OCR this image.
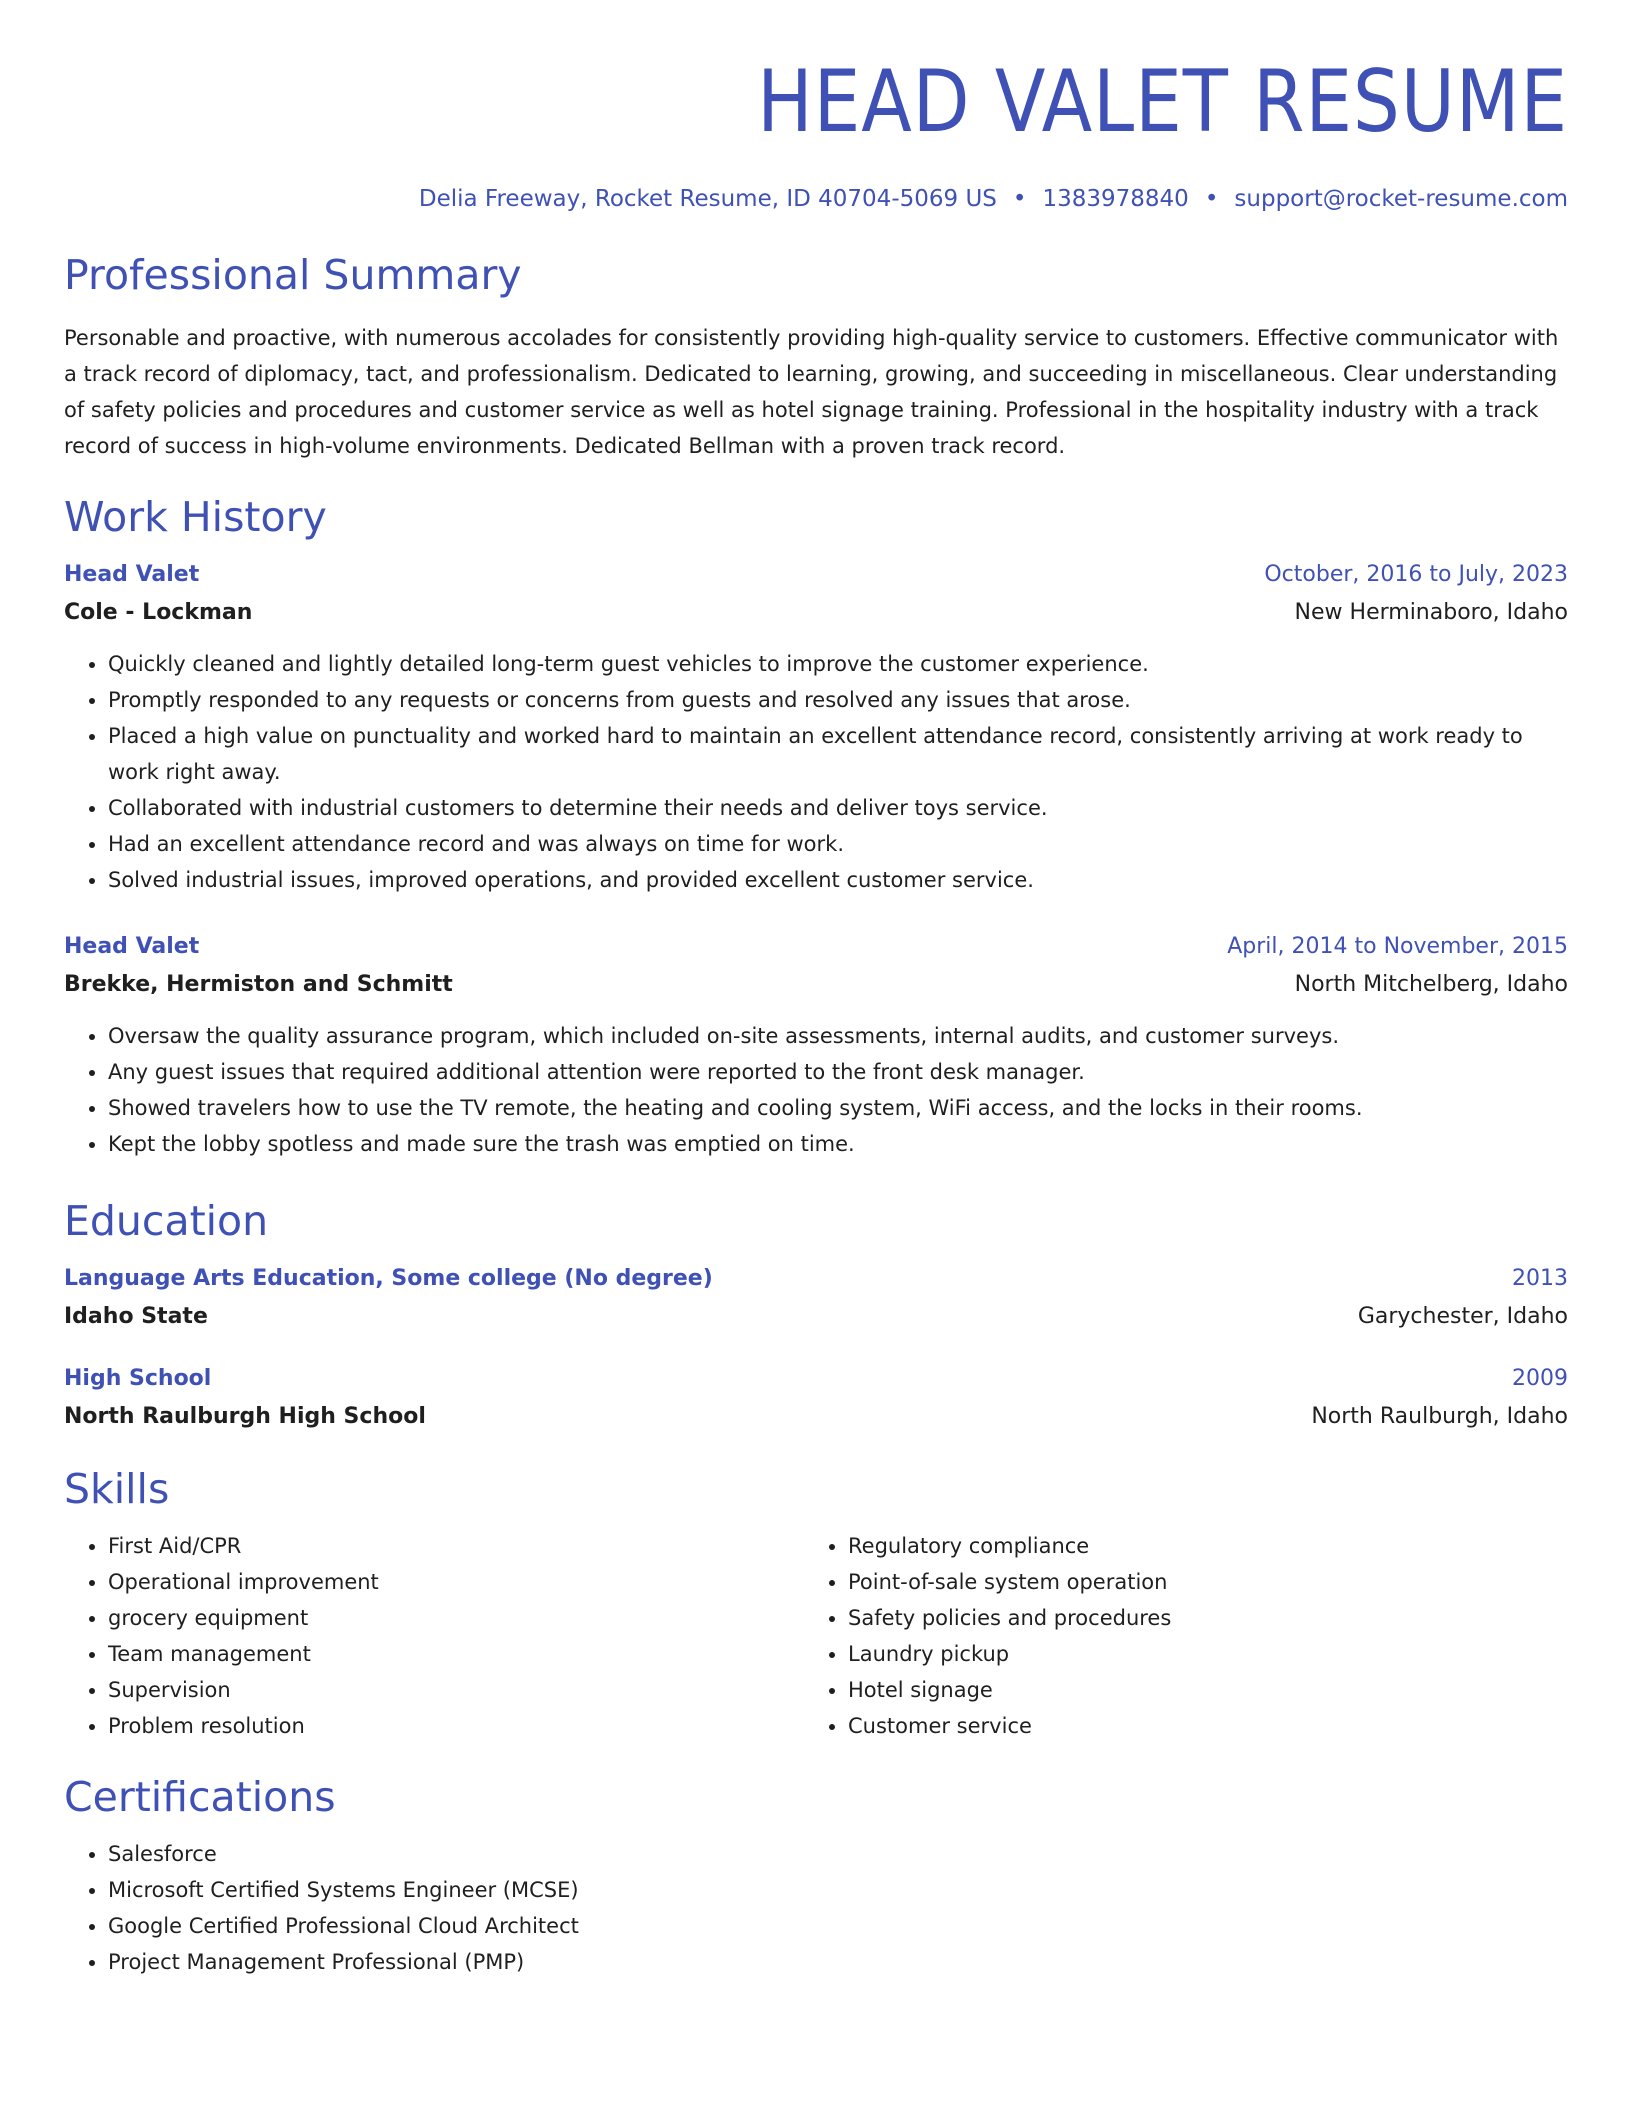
HEAD VALET RESUME
Delia Freeway, Rocket Resume, ID 40704-5069 US • 1383978840 • support@rocket-resume.com
Professional Summary
Personable and proactive, with numerous accolades for consistently providing high-quality service to customers. Effective communicator with a track record of diplomacy, tact, and professionalism. Dedicated to learning, growing, and succeeding in miscellaneous. Clear understanding of safety policies and procedures and customer service as well as hotel signage training. Professional in the hospitality industry with a track record of success in high-volume environments. Dedicated Bellman with a proven track record.
Work History
Head Valet	October, 2016 to July, 2023
Cole - Lockman	New Herminaboro, Idaho
• Quickly cleaned and lightly detailed long-term guest vehicles to improve the customer experience.
• Promptly responded to any requests or concerns from guests and resolved any issues that arose.
• Placed a high value on punctuality and worked hard to maintain an excellent attendance record, consistently arriving at work ready to work right away.
• Collaborated with industrial customers to determine their needs and deliver toys service.
• Had an excellent attendance record and was always on time for work.
• Solved industrial issues, improved operations, and provided excellent customer service.
Head Valet	April, 2014 to November, 2015
Brekke, Hermiston and Schmitt	North Mitchelberg, Idaho
• Oversaw the quality assurance program, which included on-site assessments, internal audits, and customer surveys.
• Any guest issues that required additional attention were reported to the front desk manager.
• Showed travelers how to use the TV remote, the heating and cooling system, WiFi access, and the locks in their rooms.
• Kept the lobby spotless and made sure the trash was emptied on time.
Education
Language Arts Education, Some college (No degree)	2013
Idaho State	Garychester, Idaho
High School	2009
North Raulburgh High School	North Raulburgh, Idaho
Skills
• First Aid/CPR
• Operational improvement
• grocery equipment
• Team management
• Supervision
• Problem resolution
• Regulatory compliance
• Point-of-sale system operation
• Safety policies and procedures
• Laundry pickup
• Hotel signage
• Customer service
Certifications
• Salesforce
• Microsoft Certified Systems Engineer (MCSE)
• Google Certified Professional Cloud Architect
• Project Management Professional (PMP)
